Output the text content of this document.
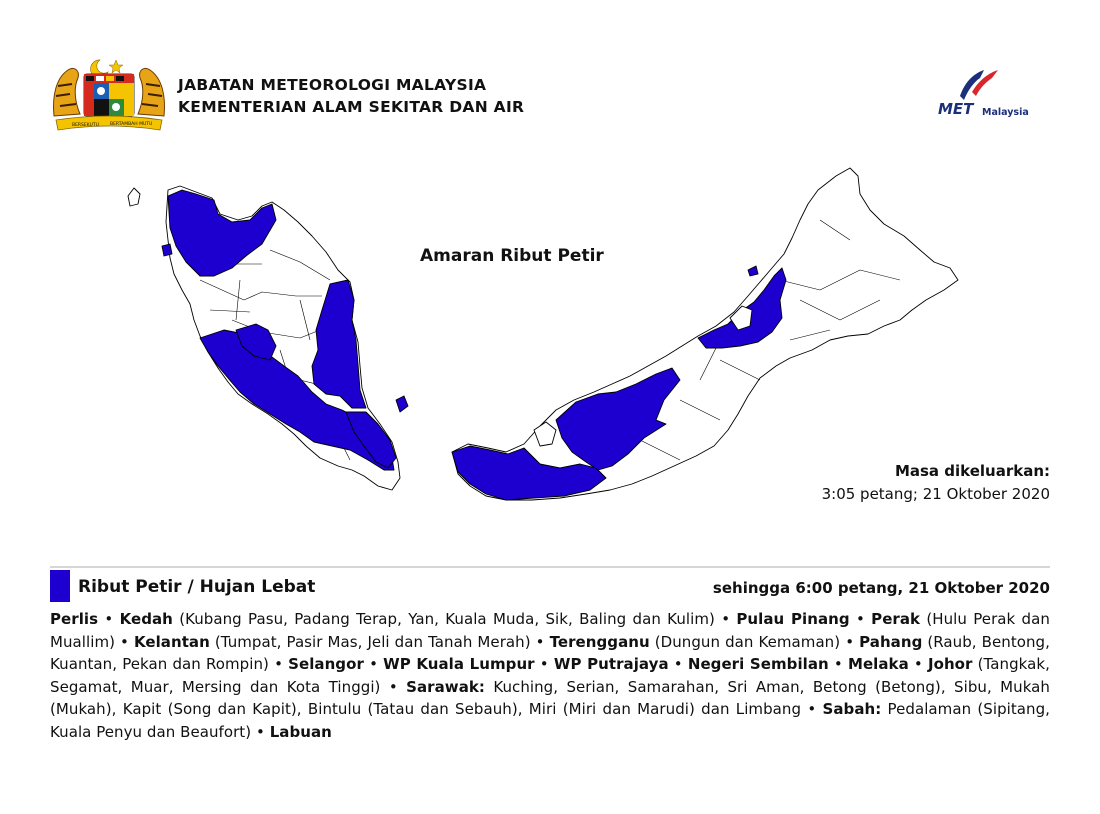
BERSEKUTU BERTAMBAH MUTU
JABATAN METEOROLOGI MALAYSIA
KEMENTERIAN ALAM SEKITAR DAN AIR	MET Malaysia
Amaran Ribut Petir
Masa dikeluarkan:
3:05 petang; 21 Oktober 2020
Ribut Petir / Hujan Lebat	sehingga 6:00 petang, 21 Oktober 2020
Perlis • Kedah (Kubang Pasu, Padang Terap, Yan, Kuala Muda, Sik, Baling dan Kulim) • Pulau Pinang • Perak (Hulu Perak dan Muallim) • Kelantan (Tumpat, Pasir Mas, Jeli dan Tanah Merah) • Terengganu (Dungun dan Kemaman) • Pahang (Raub, Bentong, Kuantan, Pekan dan Rompin) • Selangor • WP Kuala Lumpur • WP Putrajaya • Negeri Sembilan • Melaka • Johor (Tangkak, Segamat, Muar, Mersing dan Kota Tinggi) • Sarawak: Kuching, Serian, Samarahan, Sri Aman, Betong (Betong), Sibu, Mukah (Mukah), Kapit (Song dan Kapit), Bintulu (Tatau dan Sebauh), Miri (Miri dan Marudi) dan Limbang • Sabah: Pedalaman (Sipitang, Kuala Penyu dan Beaufort) • Labuan
